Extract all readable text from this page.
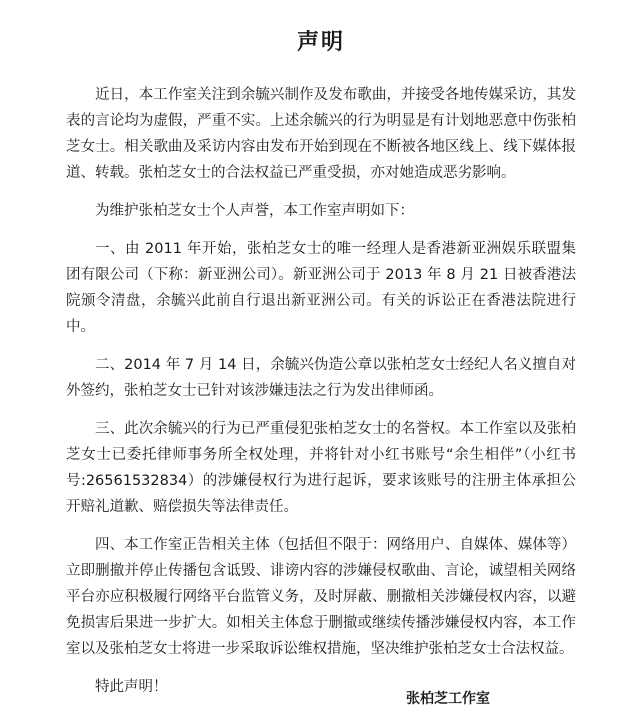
声明

近日，本工作室关注到余毓兴制作及发布歌曲，并接受各地传媒采访，其发表的言论均为虚假，严重不实。上述余毓兴的行为明显是有计划地恶意中伤张柏芝女士。相关歌曲及采访内容由发布开始到现在不断被各地区线上、线下媒体报道、转载。张柏芝女士的合法权益已严重受损，亦对她造成恶劣影响。

为维护张柏芝女士个人声誉，本工作室声明如下：

一、由 2011 年开始，张柏芝女士的唯一经理人是香港新亚洲娱乐联盟集团有限公司（下称：新亚洲公司）。新亚洲公司于 2013 年 8 月 21 日被香港法院颁令清盘，余毓兴此前自行退出新亚洲公司。有关的诉讼正在香港法院进行中。

二、2014 年 7 月 14 日，余毓兴伪造公章以张柏芝女士经纪人名义擅自对外签约，张柏芝女士已针对该涉嫌违法之行为发出律师函。

三、此次余毓兴的行为已严重侵犯张柏芝女士的名誉权。本工作室以及张柏芝女士已委托律师事务所全权处理，并将针对小红书账号“余生相伴”（小红书号:26561532834）的涉嫌侵权行为进行起诉，要求该账号的注册主体承担公开赔礼道歉、赔偿损失等法律责任。

四、本工作室正告相关主体（包括但不限于：网络用户、自媒体、媒体等）立即删撤并停止传播包含诋毁、诽谤内容的涉嫌侵权歌曲、言论，诚望相关网络平台亦应积极履行网络平台监管义务，及时屏蔽、删撤相关涉嫌侵权内容，以避免损害后果进一步扩大。如相关主体怠于删撤或继续传播涉嫌侵权内容，本工作室以及张柏芝女士将进一步采取诉讼维权措施，坚决维护张柏芝女士合法权益。

特此声明！

张柏芝工作室
